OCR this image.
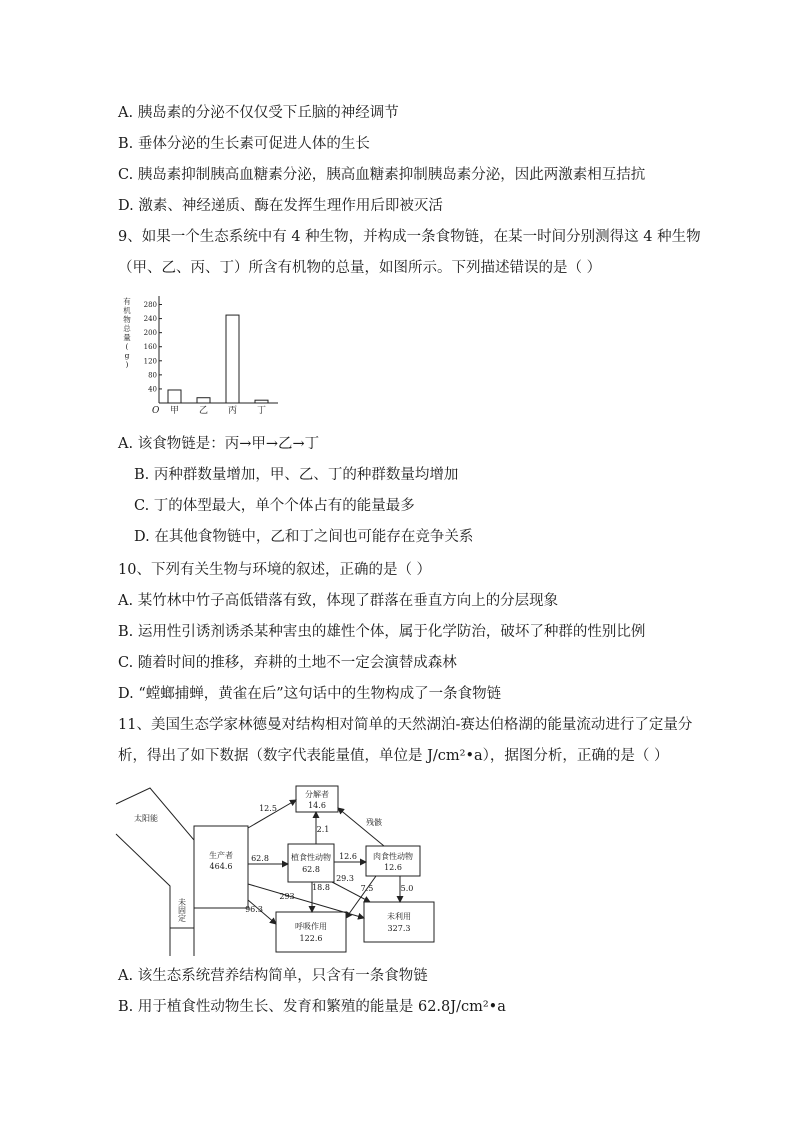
A. 胰岛素的分泌不仅仅受下丘脑的神经调节
B. 垂体分泌的生长素可促进人体的生长
C. 胰岛素抑制胰高血糖素分泌，胰高血糖素抑制胰岛素分泌，因此两激素相互拮抗
D. 激素、神经递质、酶在发挥生理作用后即被灭活
9、如果一个生态系统中有 4 种生物，并构成一条食物链，在某一时间分别测得这 4 种生物
（甲、乙、丙、丁）所含有机物的总量，如图所示。下列描述错误的是（ ）
有
机
物
总
量
(
g
)
40
80
120
160
200
240
280
甲 乙 丙 丁
O
A. 该食物链是：丙→甲→乙→丁
B. 丙种群数量增加，甲、乙、丁的种群数量均增加
C. 丁的体型最大，单个个体占有的能量最多
D. 在其他食物链中，乙和丁之间也可能存在竞争关系
10、下列有关生物与环境的叙述，正确的是（ ）
A. 某竹林中竹子高低错落有致，体现了群落在垂直方向上的分层现象
B. 运用性引诱剂诱杀某种害虫的雄性个体，属于化学防治，破坏了种群的性别比例
C. 随着时间的推移，弃耕的土地不一定会演替成森林
D. “螳螂捕蝉，黄雀在后”这句话中的生物构成了一条食物链
11、美国生态学家林德曼对结构相对简单的天然湖泊-赛达伯格湖的能量流动进行了定量分
析，得出了如下数据（数字代表能量值，单位是 J/cm²•a），据图分析，正确的是（ ）
太阳能
未固定
生产者
464.6
分解者
14.6
植食性动物
62.8
肉食性动物
12.6
呼吸作用
122.6
未利用
327.3
残骸
12.5
62.8	12.6
2.1
18.8
29.3
7.5	5.0
293
96.3
A. 该生态系统营养结构简单，只含有一条食物链
B. 用于植食性动物生长、发育和繁殖的能量是 62.8J/cm²•a
